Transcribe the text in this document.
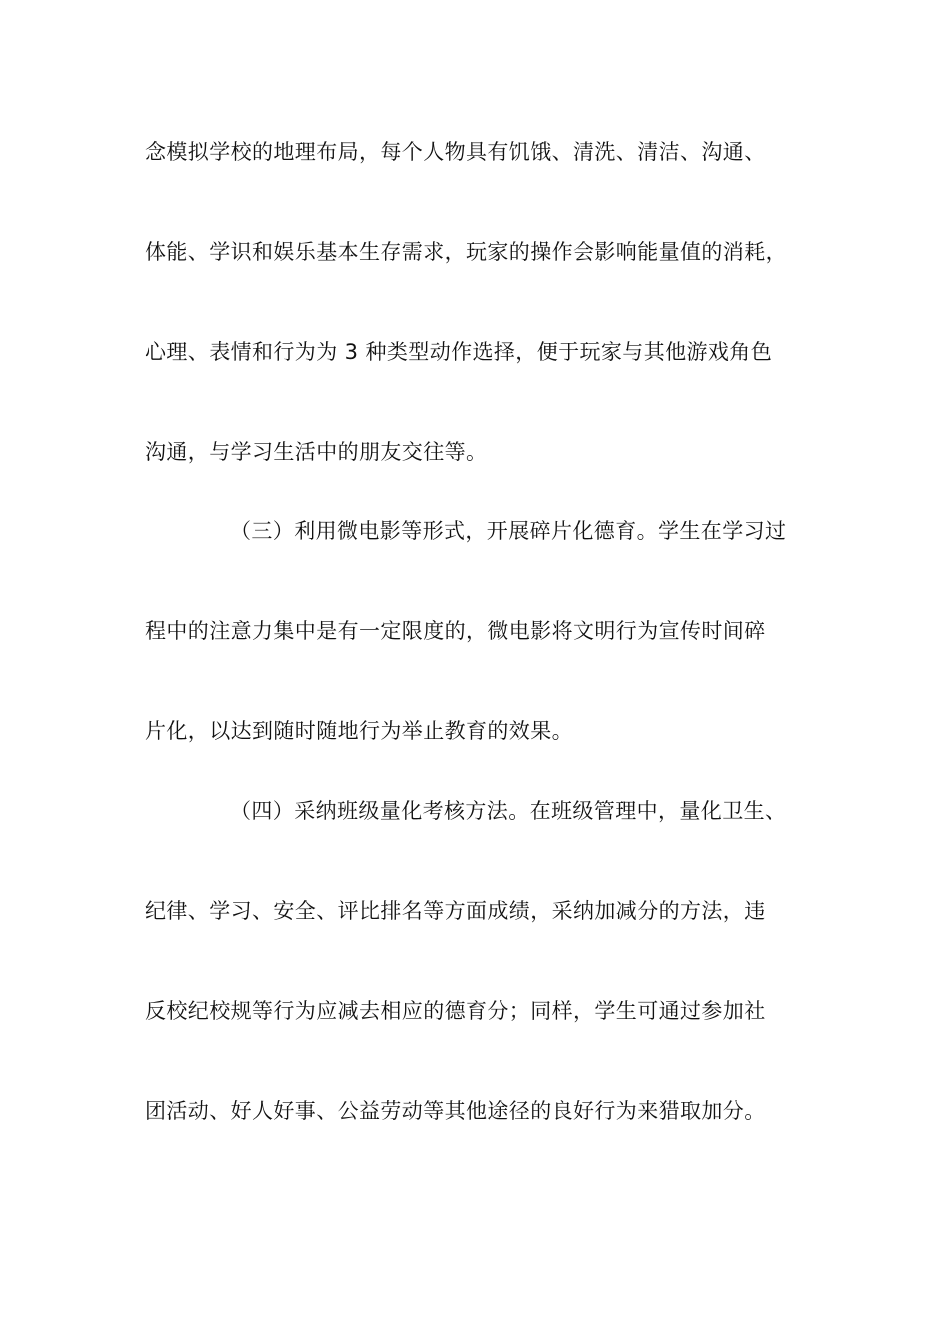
念模拟学校的地理布局，每个人物具有饥饿、清洗、清洁、沟通、
体能、学识和娱乐基本生存需求，玩家的操作会影响能量值的消耗，
心理、表情和行为为 3 种类型动作选择，便于玩家与其他游戏角色
沟通，与学习生活中的朋友交往等。
（三）利用微电影等形式，开展碎片化德育。学生在学习过
程中的注意力集中是有一定限度的，微电影将文明行为宣传时间碎
片化，以达到随时随地行为举止教育的效果。
（四）采纳班级量化考核方法。在班级管理中，量化卫生、
纪律、学习、安全、评比排名等方面成绩，采纳加减分的方法，违
反校纪校规等行为应减去相应的德育分；同样，学生可通过参加社
团活动、好人好事、公益劳动等其他途径的良好行为来猎取加分。
